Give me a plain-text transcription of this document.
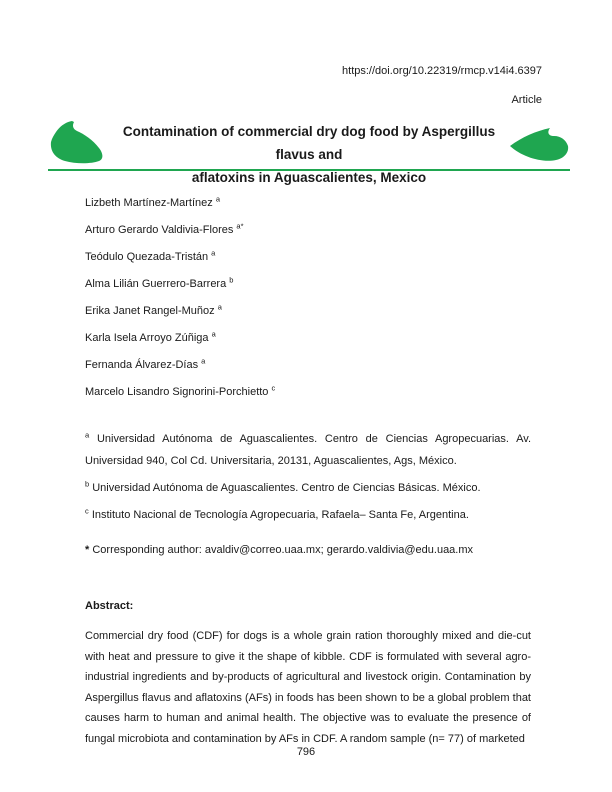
https://doi.org/10.22319/rmcp.v14i4.6397
Article
Contamination of commercial dry dog food by Aspergillus flavus and
aflatoxins in Aguascalientes, Mexico

Lizbeth Martínez-Martínez $^a$

Arturo Gerardo Valdivia-Flores $^{a*}$

Teódulo Quezada-Tristán $^a$

Alma Lilián Guerrero-Barrera $^b$

Erika Janet Rangel-Muñoz $^a$

Karla Isela Arroyo Zúñiga $^a$

Fernanda Álvarez-Días $^a$

Marcelo Lisandro Signorini-Porchietto $^c$

$^a$ Universidad Autónoma de Aguascalientes. Centro de Ciencias Agropecuarias. Av. Universidad 940, Col Cd. Universitaria, 20131, Aguascalientes, Ags, México.

$^b$ Universidad Autónoma de Aguascalientes. Centro de Ciencias Básicas. México.

$^c$ Instituto Nacional de Tecnología Agropecuaria, Rafaela– Santa Fe, Argentina.

* Corresponding author: avaldiv@correo.uaa.mx; gerardo.valdivia@edu.uaa.mx

Abstract:

Commercial dry food (CDF) for dogs is a whole grain ration thoroughly mixed and die-cut with heat and pressure to give it the shape of kibble. CDF is formulated with several agro-industrial ingredients and by-products of agricultural and livestock origin. Contamination by Aspergillus flavus and aflatoxins (AFs) in foods has been shown to be a global problem that causes harm to human and animal health. The objective was to evaluate the presence of fungal microbiota and contamination by AFs in CDF. A random sample (n= 77) of marketed

796
